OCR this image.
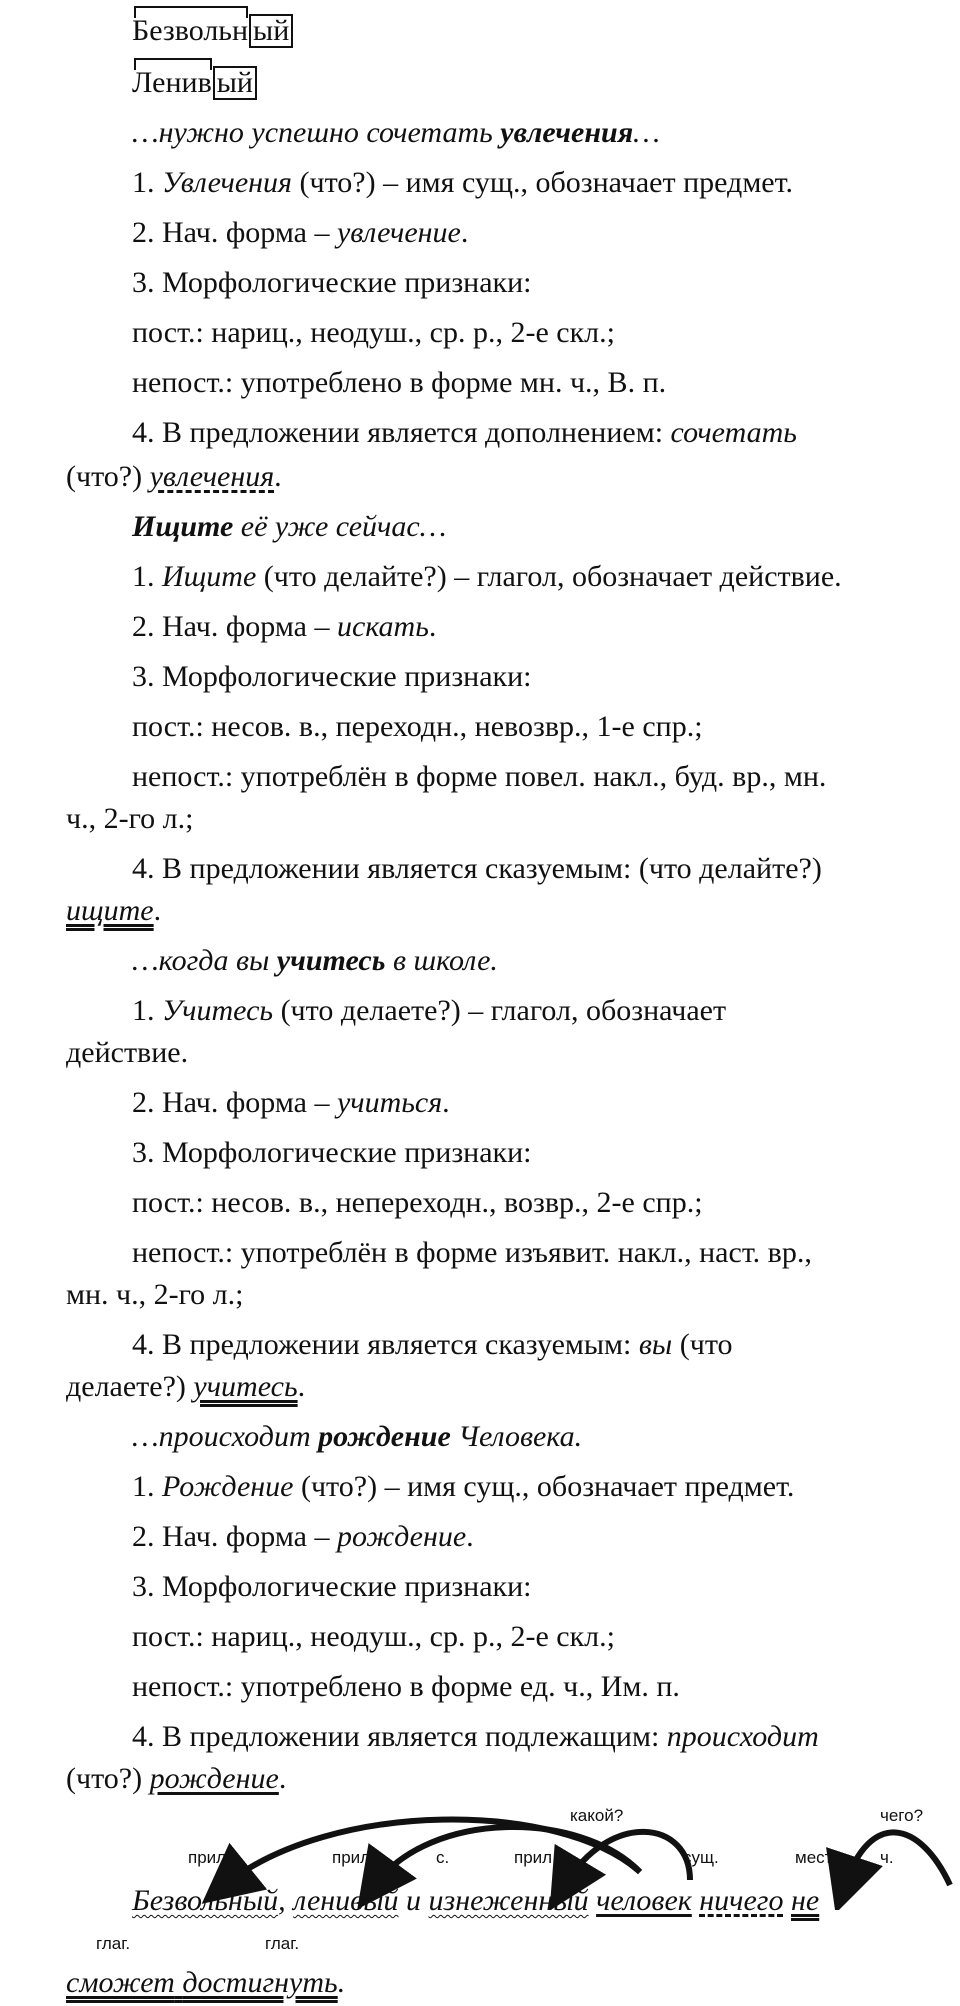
Безвольн ый
Ленив ый

…нужно успешно сочетать увлечения…

1. Увлечения (что?) – имя сущ., обозначает предмет.

2. Нач. форма – увлечение.

3. Морфологические признаки:

пост.: нариц., неодуш., ср. р., 2-е скл.;

непост.: употреблено в форме мн. ч., В. п.

4. В предложении является дополнением: сочетать

(что?) увлечения.

Ищите её уже сейчас…

1. Ищите (что делайте?) – глагол, обозначает действие.

2. Нач. форма – искать.

3. Морфологические признаки:

пост.: несов. в., переходн., невозвр., 1-е спр.;

непост.: употреблён в форме повел. накл., буд. вр., мн.

ч., 2-го л.;

4. В предложении является сказуемым: (что делайте?)

ищите.

…когда вы учитесь в школе.

1. Учитесь (что делаете?) – глагол, обозначает

действие.

2. Нач. форма – учиться.

3. Морфологические признаки:

пост.: несов. в., непереходн., возвр., 2-е спр.;

непост.: употреблён в форме изъявит. накл., наст. вр.,

мн. ч., 2-го л.;

4. В предложении является сказуемым: вы (что

делаете?) учитесь.

…происходит рождение Человека.

1. Рождение (что?) – имя сущ., обозначает предмет.

2. Нач. форма – рождение.

3. Морфологические признаки:

пост.: нариц., неодуш., ср. р., 2-е скл.;

непост.: употреблено в форме ед. ч., Им. п.

4. В предложении является подлежащим: происходит

(что?) рождение.

какой?	чего?
прил.	прил	с.	прил.	сущ.	мест.	ч.

Безвольный, ленивый и изнеженный человек ничего не

глаг.	глаг.

сможет достигнуть.
